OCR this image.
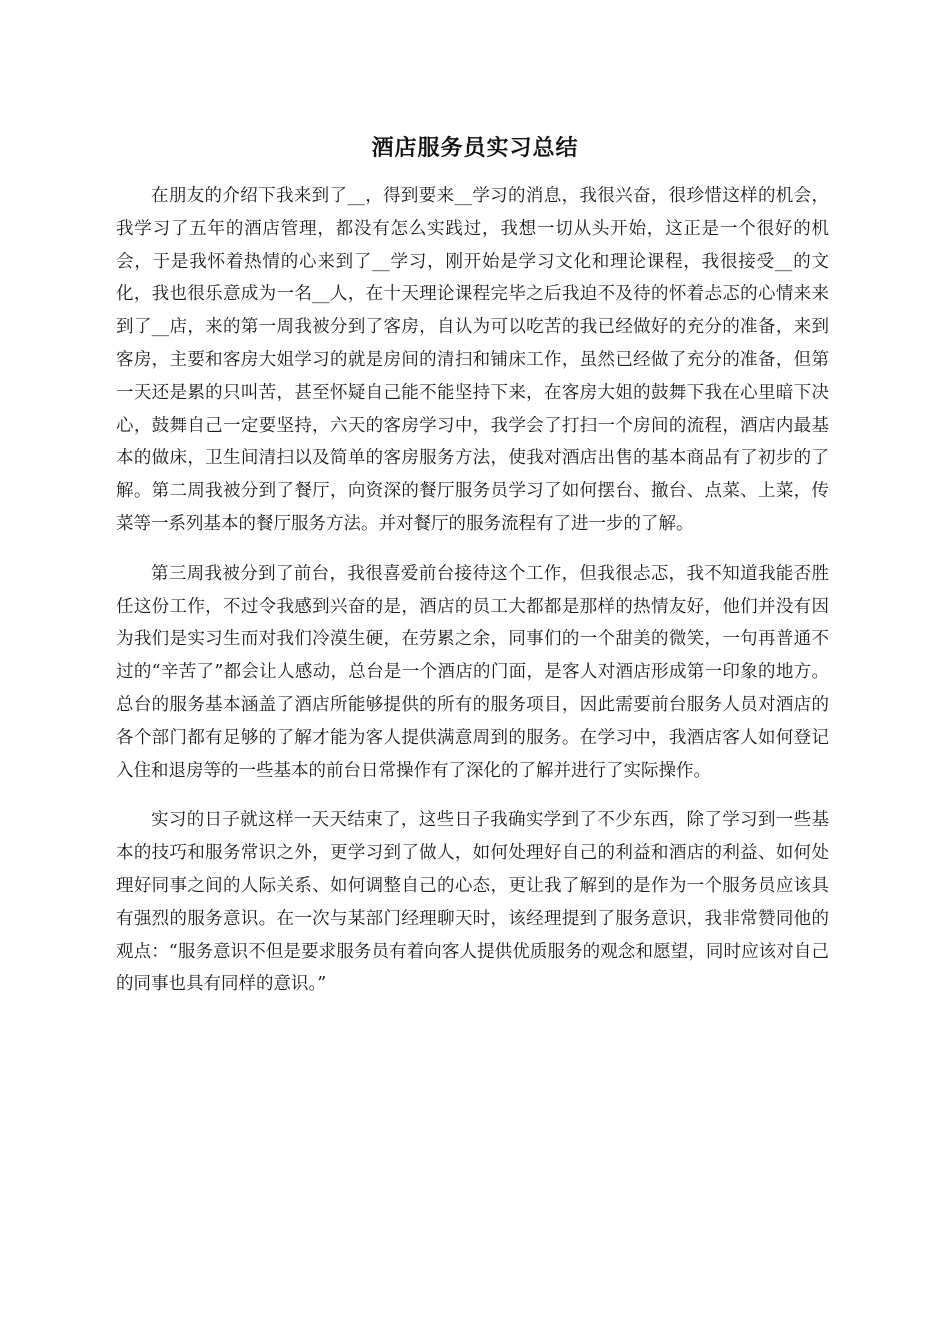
酒店服务员实习总结

在朋友的介绍下我来到了__，得到要来__学习的消息，我很兴奋，很珍惜这样的机会，我学习了五年的酒店管理，都没有怎么实践过，我想一切从头开始，这正是一个很好的机会，于是我怀着热情的心来到了__学习，刚开始是学习文化和理论课程，我很接受__的文化，我也很乐意成为一名__人，在十天理论课程完毕之后我迫不及待的怀着忐忑的心情来来到了__店，来的第一周我被分到了客房，自认为可以吃苦的我已经做好的充分的准备，来到客房，主要和客房大姐学习的就是房间的清扫和铺床工作，虽然已经做了充分的准备，但第一天还是累的只叫苦，甚至怀疑自己能不能坚持下来，在客房大姐的鼓舞下我在心里暗下决心，鼓舞自己一定要坚持，六天的客房学习中，我学会了打扫一个房间的流程，酒店内最基本的做床，卫生间清扫以及简单的客房服务方法，使我对酒店出售的基本商品有了初步的了解。第二周我被分到了餐厅，向资深的餐厅服务员学习了如何摆台、撤台、点菜、上菜，传菜等一系列基本的餐厅服务方法。并对餐厅的服务流程有了进一步的了解。

第三周我被分到了前台，我很喜爱前台接待这个工作，但我很忐忑，我不知道我能否胜任这份工作，不过令我感到兴奋的是，酒店的员工大都都是那样的热情友好，他们并没有因为我们是实习生而对我们冷漠生硬，在劳累之余，同事们的一个甜美的微笑，一句再普通不过的“辛苦了”都会让人感动，总台是一个酒店的门面，是客人对酒店形成第一印象的地方。总台的服务基本涵盖了酒店所能够提供的所有的服务项目，因此需要前台服务人员对酒店的各个部门都有足够的了解才能为客人提供满意周到的服务。在学习中，我酒店客人如何登记入住和退房等的一些基本的前台日常操作有了深化的了解并进行了实际操作。

实习的日子就这样一天天结束了，这些日子我确实学到了不少东西，除了学习到一些基本的技巧和服务常识之外，更学习到了做人，如何处理好自己的利益和酒店的利益、如何处理好同事之间的人际关系、如何调整自己的心态，更让我了解到的是作为一个服务员应该具有强烈的服务意识。在一次与某部门经理聊天时，该经理提到了服务意识，我非常赞同他的观点：“服务意识不但是要求服务员有着向客人提供优质服务的观念和愿望，同时应该对自己的同事也具有同样的意识。”
